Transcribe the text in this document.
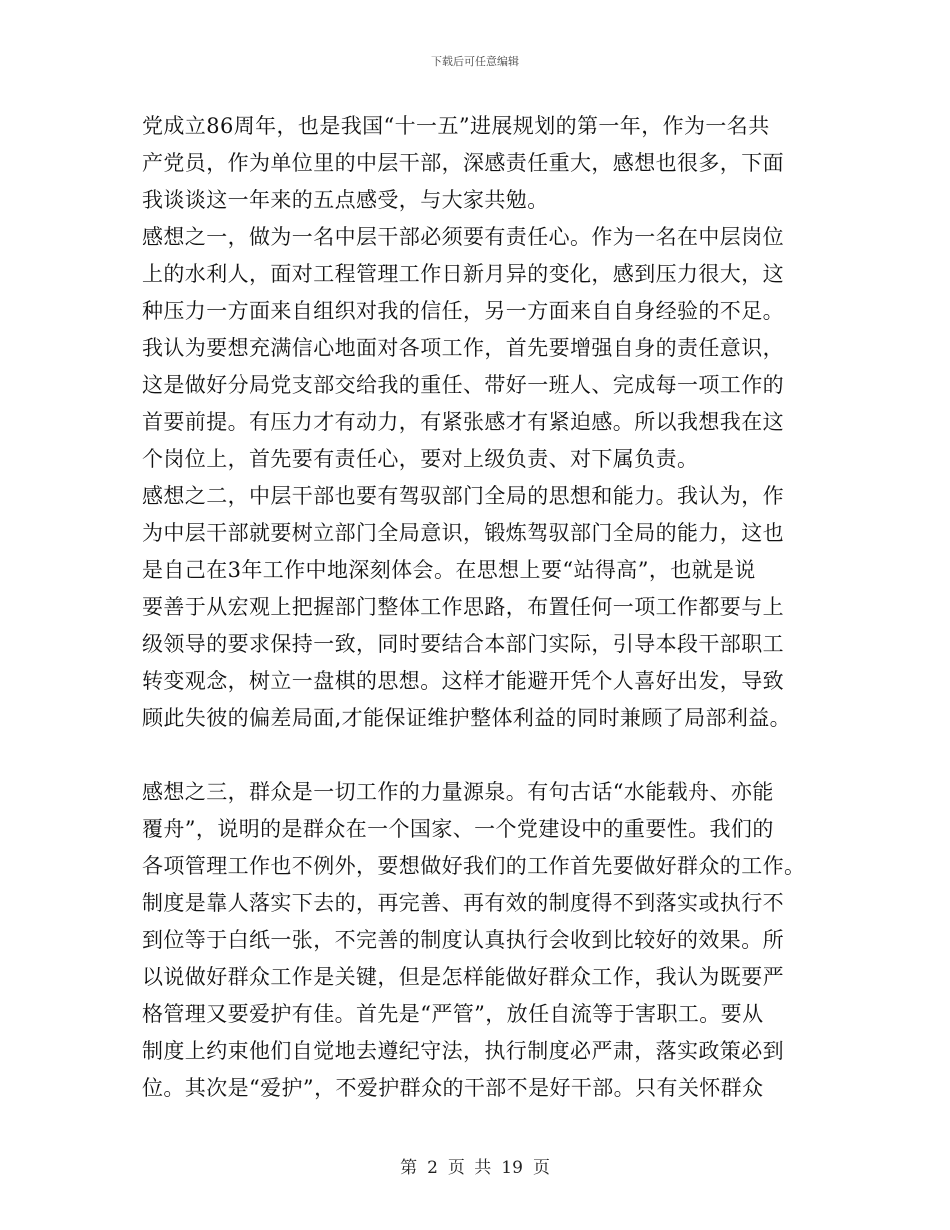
下载后可任意编辑
党成立86周年，也是我国“十一五”进展规划的第一年，作为一名共
产党员，作为单位里的中层干部，深感责任重大，感想也很多，下面
我谈谈这一年来的五点感受，与大家共勉。
感想之一，做为一名中层干部必须要有责任心。作为一名在中层岗位
上的水利人，面对工程管理工作日新月异的变化，感到压力很大，这
种压力一方面来自组织对我的信任，另一方面来自自身经验的不足。
我认为要想充满信心地面对各项工作，首先要增强自身的责任意识，
这是做好分局党支部交给我的重任、带好一班人、完成每一项工作的
首要前提。有压力才有动力，有紧张感才有紧迫感。所以我想我在这
个岗位上，首先要有责任心，要对上级负责、对下属负责。
感想之二，中层干部也要有驾驭部门全局的思想和能力。我认为，作
为中层干部就要树立部门全局意识，锻炼驾驭部门全局的能力，这也
是自己在3年工作中地深刻体会。在思想上要“站得高”，也就是说
要善于从宏观上把握部门整体工作思路，布置任何一项工作都要与上
级领导的要求保持一致，同时要结合本部门实际，引导本段干部职工
转变观念，树立一盘棋的思想。这样才能避开凭个人喜好出发，导致
顾此失彼的偏差局面,才能保证维护整体利益的同时兼顾了局部利益。
感想之三，群众是一切工作的力量源泉。有句古话“水能载舟、亦能
覆舟”，说明的是群众在一个国家、一个党建设中的重要性。我们的
各项管理工作也不例外，要想做好我们的工作首先要做好群众的工作。
制度是靠人落实下去的，再完善、再有效的制度得不到落实或执行不
到位等于白纸一张，不完善的制度认真执行会收到比较好的效果。所
以说做好群众工作是关键，但是怎样能做好群众工作，我认为既要严
格管理又要爱护有佳。首先是“严管”，放任自流等于害职工。要从
制度上约束他们自觉地去遵纪守法，执行制度必严肃，落实政策必到
位。其次是“爱护”，不爱护群众的干部不是好干部。只有关怀群众
第 2 页 共 19 页
